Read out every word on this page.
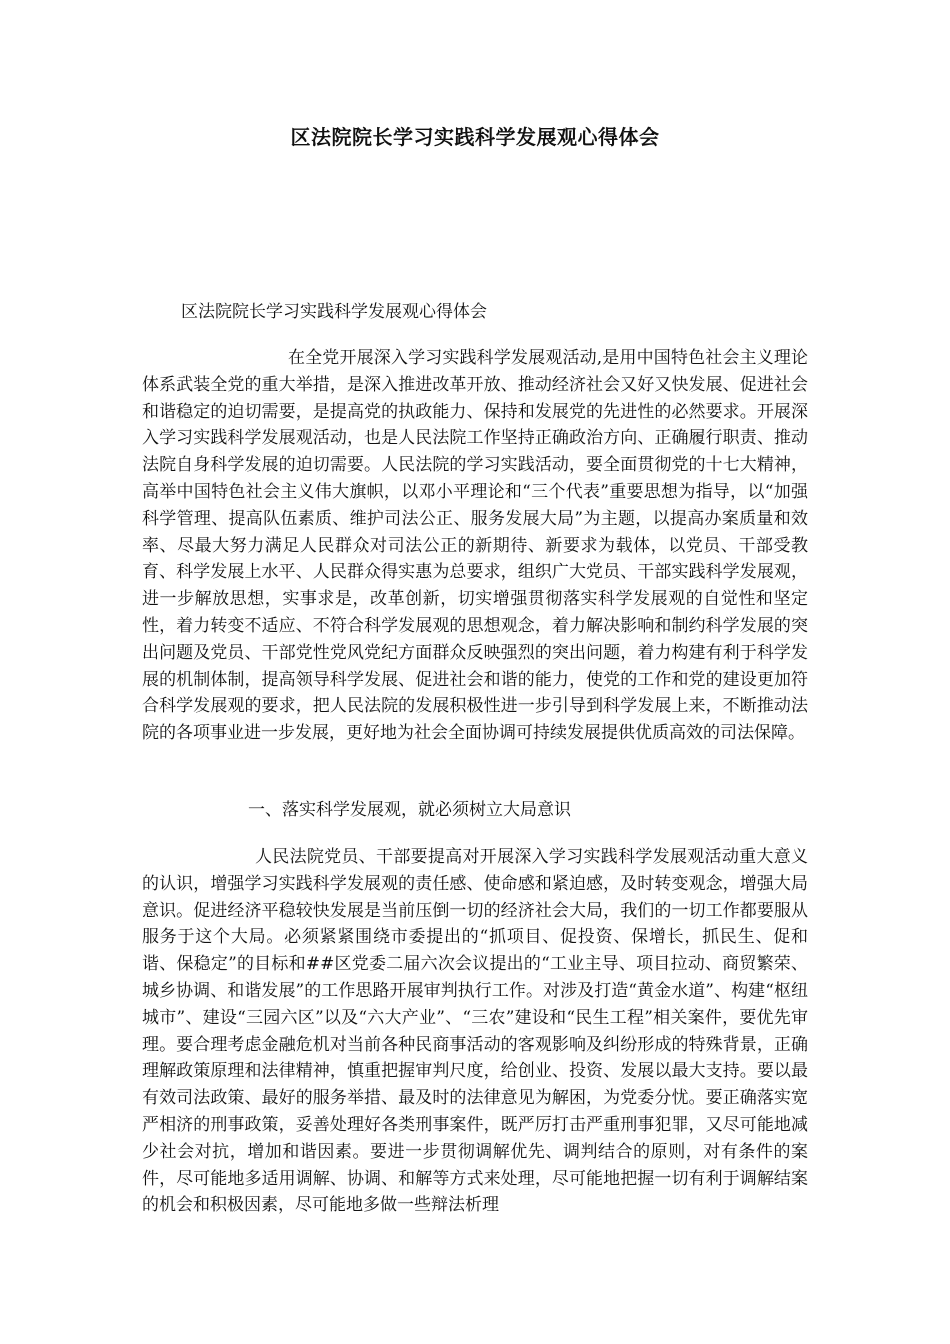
区法院院长学习实践科学发展观心得体会
区法院院长学习实践科学发展观心得体会

在全党开展深入学习实践科学发展观活动,是用中国特色社会主义理论体系武装全党的重大举措，是深入推进改革开放、推动经济社会又好又快发展、促进社会和谐稳定的迫切需要，是提高党的执政能力、保持和发展党的先进性的必然要求。开展深入学习实践科学发展观活动，也是人民法院工作坚持正确政治方向、正确履行职责、推动法院自身科学发展的迫切需要。人民法院的学习实践活动，要全面贯彻党的十七大精神，高举中国特色社会主义伟大旗帜，以邓小平理论和“三个代表”重要思想为指导，以“加强科学管理、提高队伍素质、维护司法公正、服务发展大局”为主题，以提高办案质量和效率、尽最大努力满足人民群众对司法公正的新期待、新要求为载体，以党员、干部受教育、科学发展上水平、人民群众得实惠为总要求，组织广大党员、干部实践科学发展观，进一步解放思想，实事求是，改革创新，切实增强贯彻落实科学发展观的自觉性和坚定性，着力转变不适应、不符合科学发展观的思想观念，着力解决影响和制约科学发展的突出问题及党员、干部党性党风党纪方面群众反映强烈的突出问题，着力构建有利于科学发展的机制体制，提高领导科学发展、促进社会和谐的能力，使党的工作和党的建设更加符合科学发展观的要求，把人民法院的发展积极性进一步引导到科学发展上来，不断推动法院的各项事业进一步发展，更好地为社会全面协调可持续发展提供优质高效的司法保障。

一、落实科学发展观，就必须树立大局意识

人民法院党员、干部要提高对开展深入学习实践科学发展观活动重大意义的认识，增强学习实践科学发展观的责任感、使命感和紧迫感，及时转变观念，增强大局意识。促进经济平稳较快发展是当前压倒一切的经济社会大局，我们的一切工作都要服从服务于这个大局。必须紧紧围绕市委提出的“抓项目、促投资、保增长，抓民生、促和谐、保稳定”的目标和##区党委二届六次会议提出的“工业主导、项目拉动、商贸繁荣、城乡协调、和谐发展”的工作思路开展审判执行工作。对涉及打造“黄金水道”、构建“枢纽城市”、建设“三园六区”以及“六大产业”、“三农”建设和“民生工程”相关案件，要优先审理。要合理考虑金融危机对当前各种民商事活动的客观影响及纠纷形成的特殊背景，正确理解政策原理和法律精神，慎重把握审判尺度，给创业、投资、发展以最大支持。要以最有效司法政策、最好的服务举措、最及时的法律意见为解困，为党委分忧。要正确落实宽严相济的刑事政策，妥善处理好各类刑事案件，既严厉打击严重刑事犯罪，又尽可能地减少社会对抗，增加和谐因素。要进一步贯彻调解优先、调判结合的原则，对有条件的案件，尽可能地多适用调解、协调、和解等方式来处理，尽可能地把握一切有利于调解结案的机会和积极因素，尽可能地多做一些辩法析理
